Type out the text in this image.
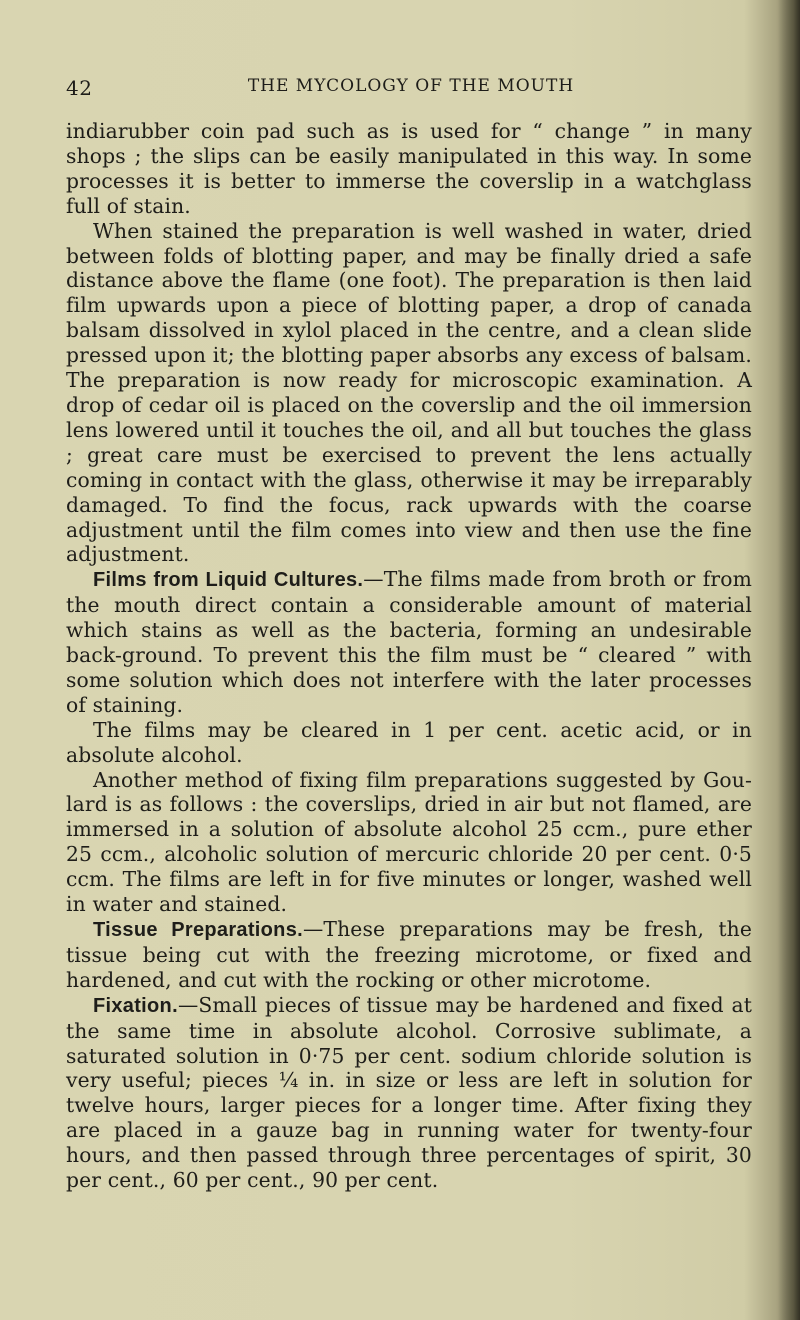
42	THE MYCOLOGY OF THE MOUTH

indiarubber coin pad such as is used for “ change ” in many shops ; the slips can be easily manipulated in this way. In some processes it is better to immerse the coverslip in a watchglass full of stain.

When stained the preparation is well washed in water, dried between folds of blotting paper, and may be finally dried a safe distance above the flame (one foot). The preparation is then laid film upwards upon a piece of blotting paper, a drop of canada balsam dissolved in xylol placed in the centre, and a clean slide pressed upon it; the blotting paper absorbs any excess of balsam. The preparation is now ready for microscopic examination. A drop of cedar oil is placed on the coverslip and the oil immersion lens lowered until it touches the oil, and all but touches the glass ; great care must be exercised to prevent the lens actually coming in contact with the glass, otherwise it may be irreparably damaged. To find the focus, rack upwards with the coarse adjustment until the film comes into view and then use the fine adjustment.

Films from Liquid Cultures.—The films made from broth or from the mouth direct contain a considerable amount of material which stains as well as the bacteria, forming an undesirable back-ground. To prevent this the film must be “ cleared ” with some solution which does not interfere with the later processes of staining.

The films may be cleared in 1 per cent. acetic acid, or in absolute alcohol.

Another method of fixing film preparations suggested by Gou-lard is as follows : the coverslips, dried in air but not flamed, are immersed in a solution of absolute alcohol 25 ccm., pure ether 25 ccm., alcoholic solution of mercuric chloride 20 per cent. 0·5 ccm. The films are left in for five minutes or longer, washed well in water and stained.

Tissue Preparations.—These preparations may be fresh, the tissue being cut with the freezing microtome, or fixed and hardened, and cut with the rocking or other microtome.

Fixation.—Small pieces of tissue may be hardened and fixed at the same time in absolute alcohol. Corrosive sublimate, a saturated solution in 0·75 per cent. sodium chloride solution is very useful; pieces ¼ in. in size or less are left in solution for twelve hours, larger pieces for a longer time. After fixing they are placed in a gauze bag in running water for twenty-four hours, and then passed through three percentages of spirit, 30 per cent., 60 per cent., 90 per cent.
